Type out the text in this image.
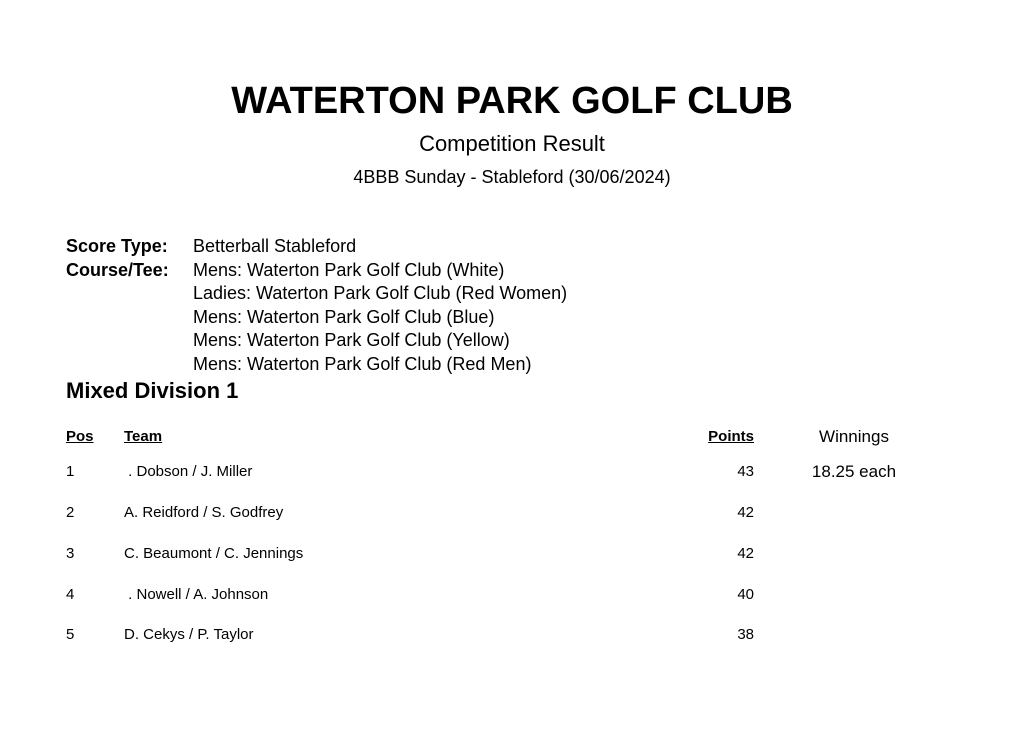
WATERTON PARK GOLF CLUB
Competition Result
4BBB Sunday - Stableford (30/06/2024)
Score Type:	Betterball Stableford
Course/Tee:	Mens: Waterton Park Golf Club (White)
Ladies: Waterton Park Golf Club (Red Women)
Mens: Waterton Park Golf Club (Blue)
Mens: Waterton Park Golf Club (Yellow)
Mens: Waterton Park Golf Club (Red Men)
Mixed Division 1
Pos Team	Points	Winnings
1	. Dobson / J. Miller	43	18.25 each
2	A. Reidford / S. Godfrey	42
3	C. Beaumont / C. Jennings	42
4	. Nowell / A. Johnson	40
5	D. Cekys / P. Taylor	38
